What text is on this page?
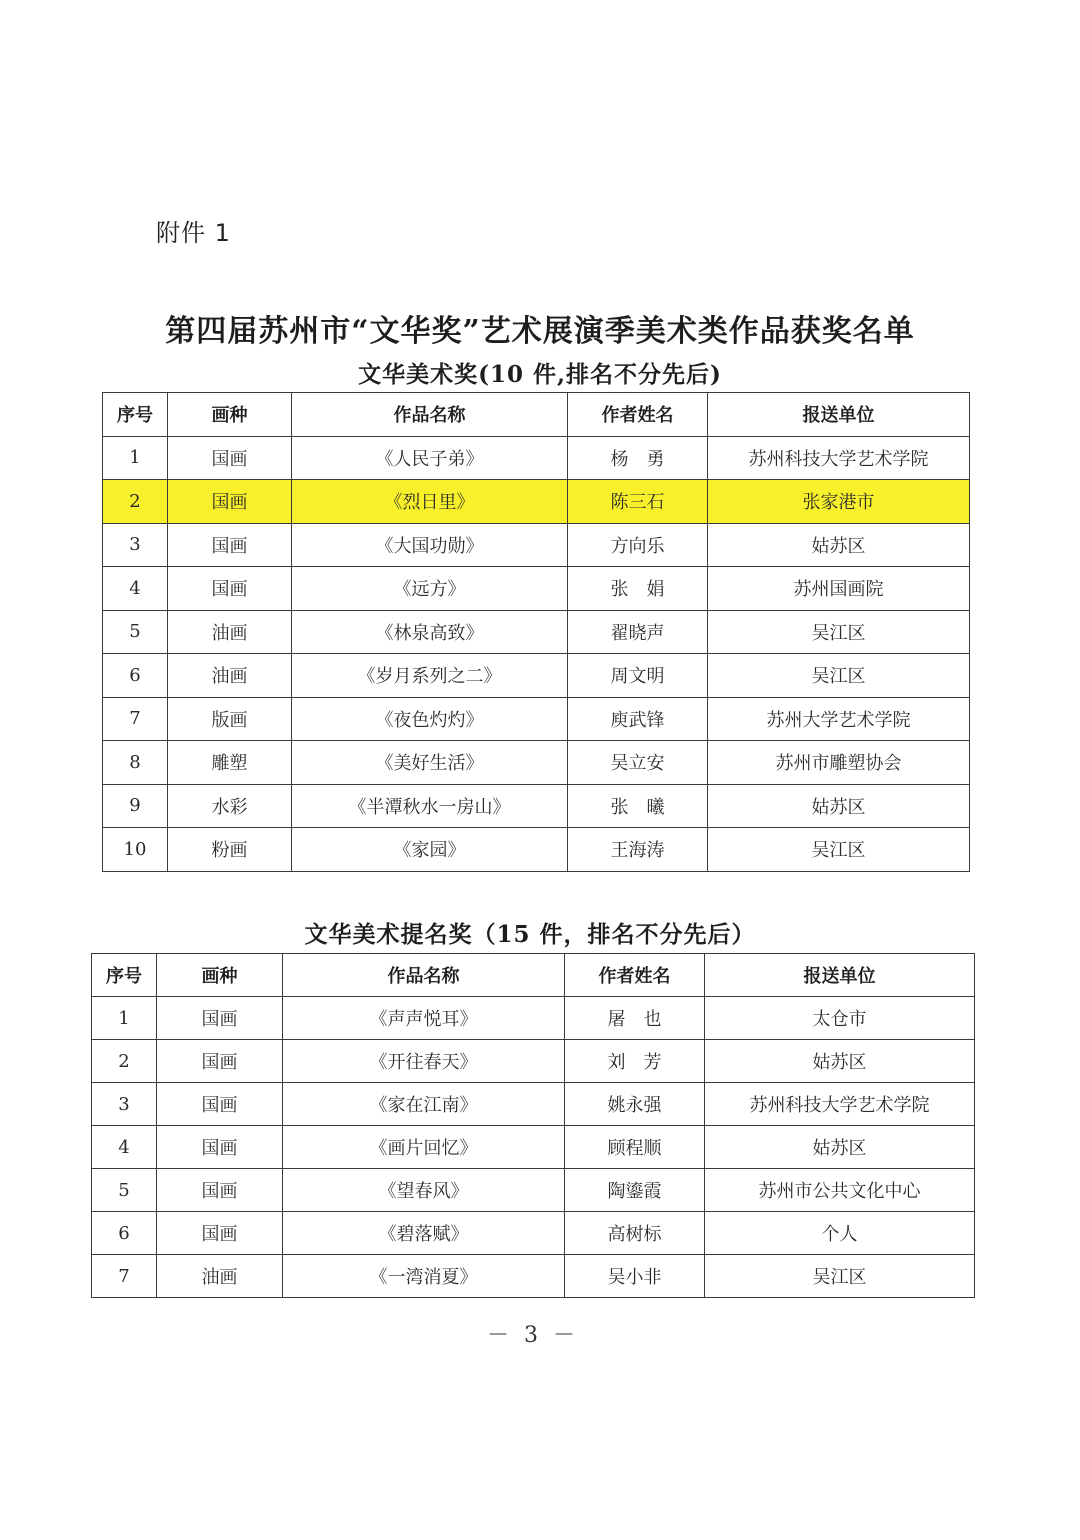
附件 1
第四届苏州市“文华奖”艺术展演季美术类作品获奖名单
文华美术奖(10 件,排名不分先后)
序号	画种	作品名称	作者姓名	报送单位
1	国画	《人民子弟》	杨　勇	苏州科技大学艺术学院
2	国画	《烈日里》	陈三石	张家港市
3	国画	《大国功勋》	方向乐	姑苏区
4	国画	《远方》	张　娟	苏州国画院
5	油画	《林泉高致》	翟晓声	吴江区
6	油画	《岁月系列之二》	周文明	吴江区
7	版画	《夜色灼灼》	庾武锋	苏州大学艺术学院
8	雕塑	《美好生活》	吴立安	苏州市雕塑协会
9	水彩	《半潭秋水一房山》	张　曦	姑苏区
10	粉画	《家园》	王海涛	吴江区
文华美术提名奖（15 件，排名不分先后）
序号	画种	作品名称	作者姓名	报送单位
1	国画	《声声悦耳》	屠　也	太仓市
2	国画	《开往春天》	刘　芳	姑苏区
3	国画	《家在江南》	姚永强	苏州科技大学艺术学院
4	国画	《画片回忆》	顾程顺	姑苏区
5	国画	《望春风》	陶鎏霞	苏州市公共文化中心
6	国画	《碧落赋》	高树标	个人
7	油画	《一湾消夏》	吴小非	吴江区
－ 3 －
